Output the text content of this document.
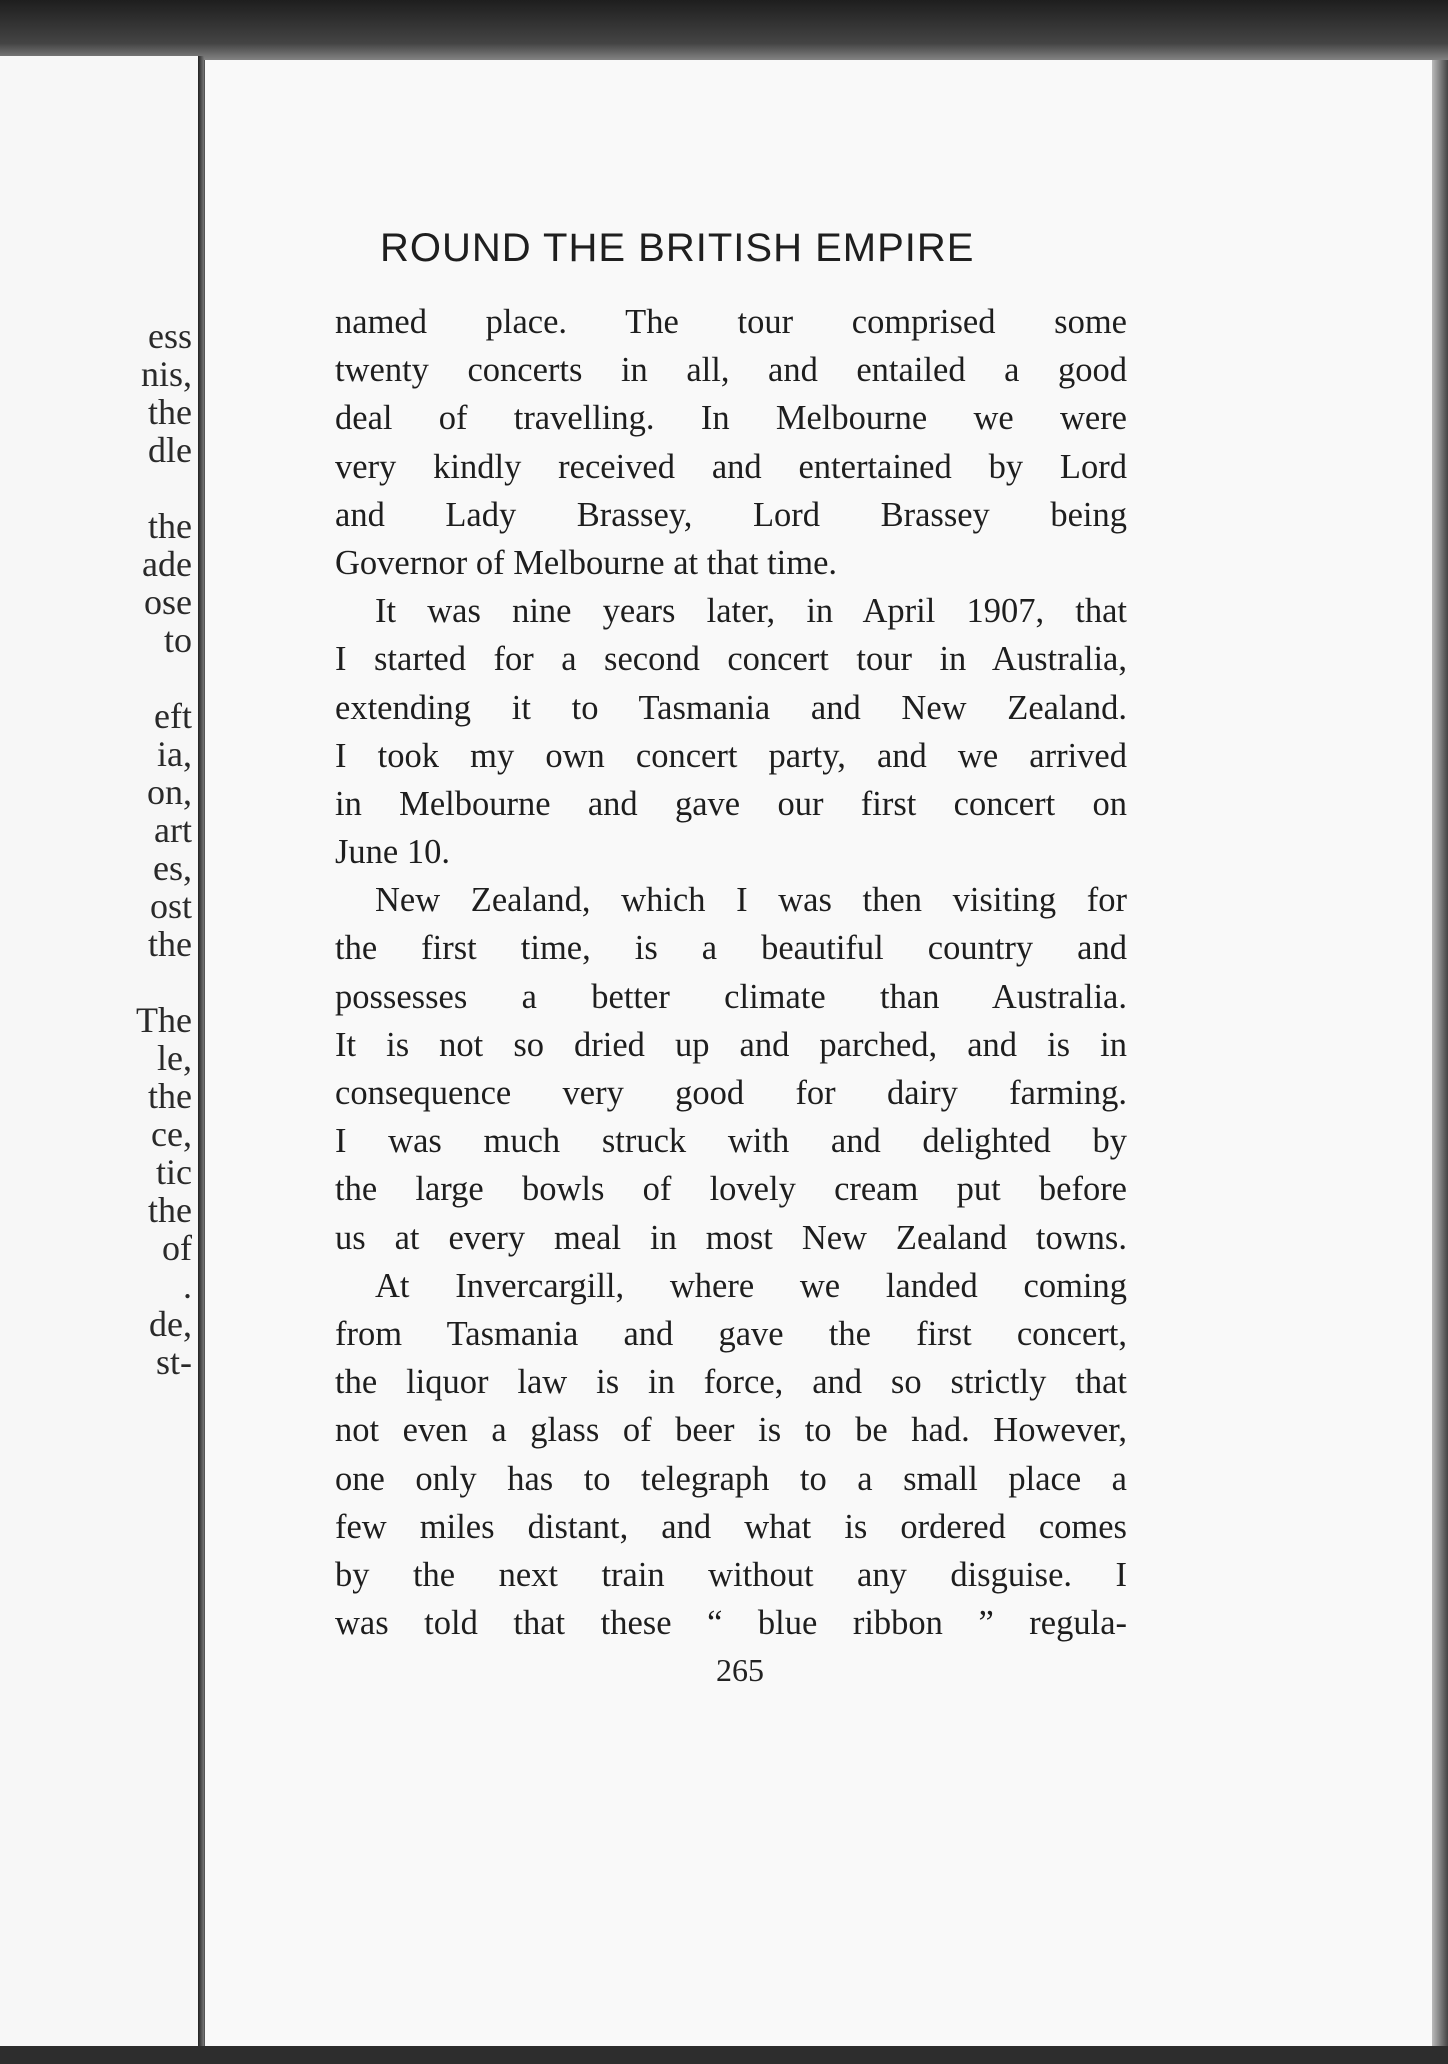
ess

nis,

the

dle

the

ade

ose

to

eft

ia,

on,

art

es,

ost

the

The

le,

the

ce,

tic

the

of

.

de,

st-

ROUND THE BRITISH EMPIRE
named place. The tour comprised some
twenty concerts in all, and entailed a good
deal of travelling. In Melbourne we were
very kindly received and entertained by Lord
and Lady Brassey, Lord Brassey being
Governor of Melbourne at that time.
It was nine years later, in April 1907, that
I started for a second concert tour in Australia,
extending it to Tasmania and New Zealand.
I took my own concert party, and we arrived
in Melbourne and gave our first concert on
June 10.
New Zealand, which I was then visiting for
the first time, is a beautiful country and
possesses a better climate than Australia.
It is not so dried up and parched, and is in
consequence very good for dairy farming.
I was much struck with and delighted by
the large bowls of lovely cream put before
us at every meal in most New Zealand towns.
At Invercargill, where we landed coming
from Tasmania and gave the first concert,
the liquor law is in force, and so strictly that
not even a glass of beer is to be had. However,
one only has to telegraph to a small place a
few miles distant, and what is ordered comes
by the next train without any disguise. I
was told that these “ blue ribbon ” regula-

265
